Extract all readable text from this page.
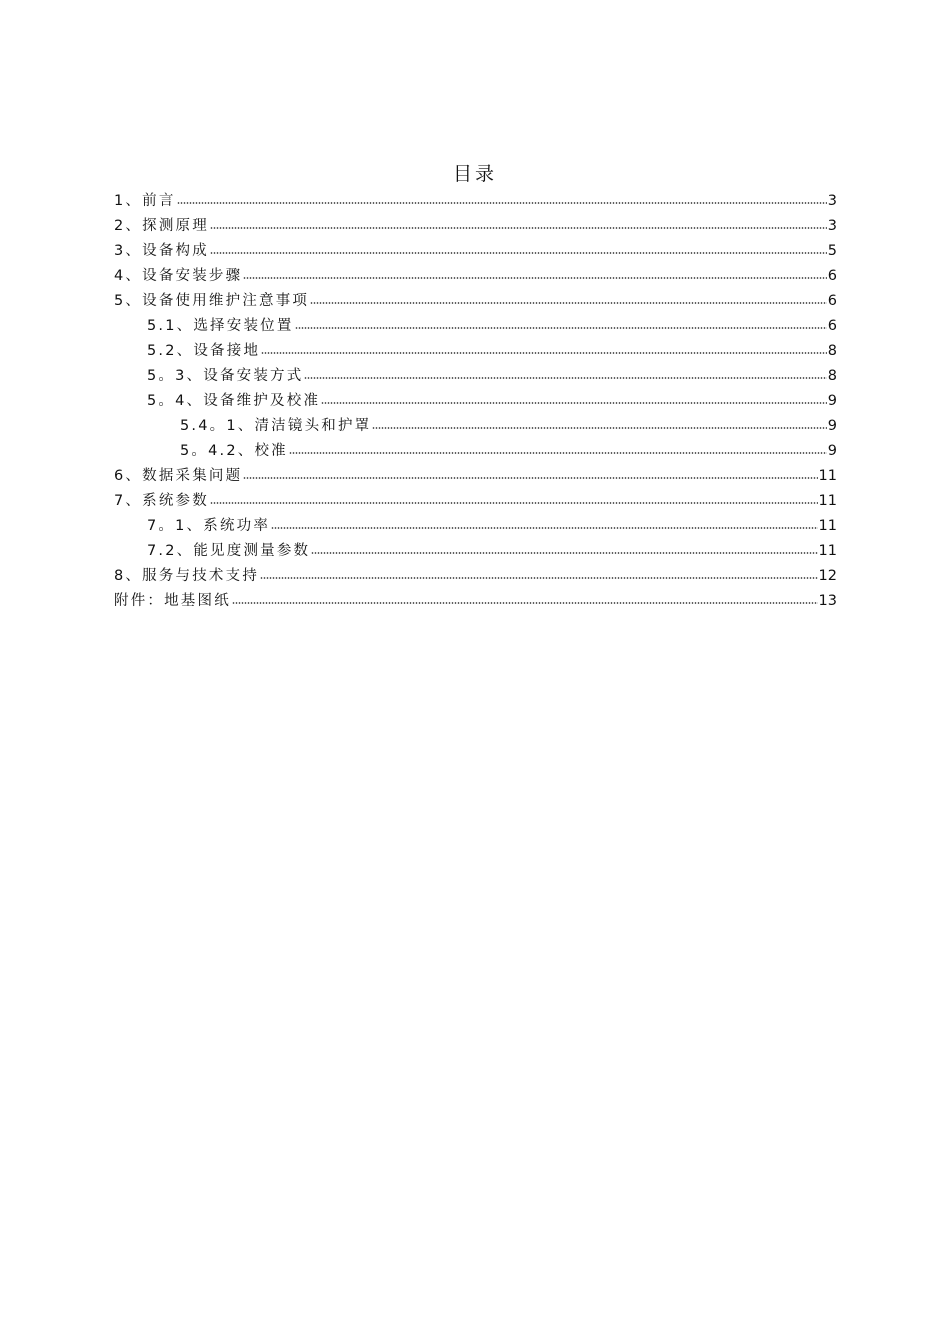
目录
1、前言	3
2、探测原理	3
3、设备构成	5
4、设备安装步骤	6
5、设备使用维护注意事项	6
5.1、选择安装位置	6
5.2、设备接地	8
5。3、设备安装方式	8
5。4、设备维护及校准	9
5.4。1、清洁镜头和护罩	9
5。4.2、校准	9
6、数据采集问题	11
7、系统参数	11
7。1、系统功率	11
7.2、能见度测量参数	11
8、服务与技术支持	12
附件：地基图纸	13
